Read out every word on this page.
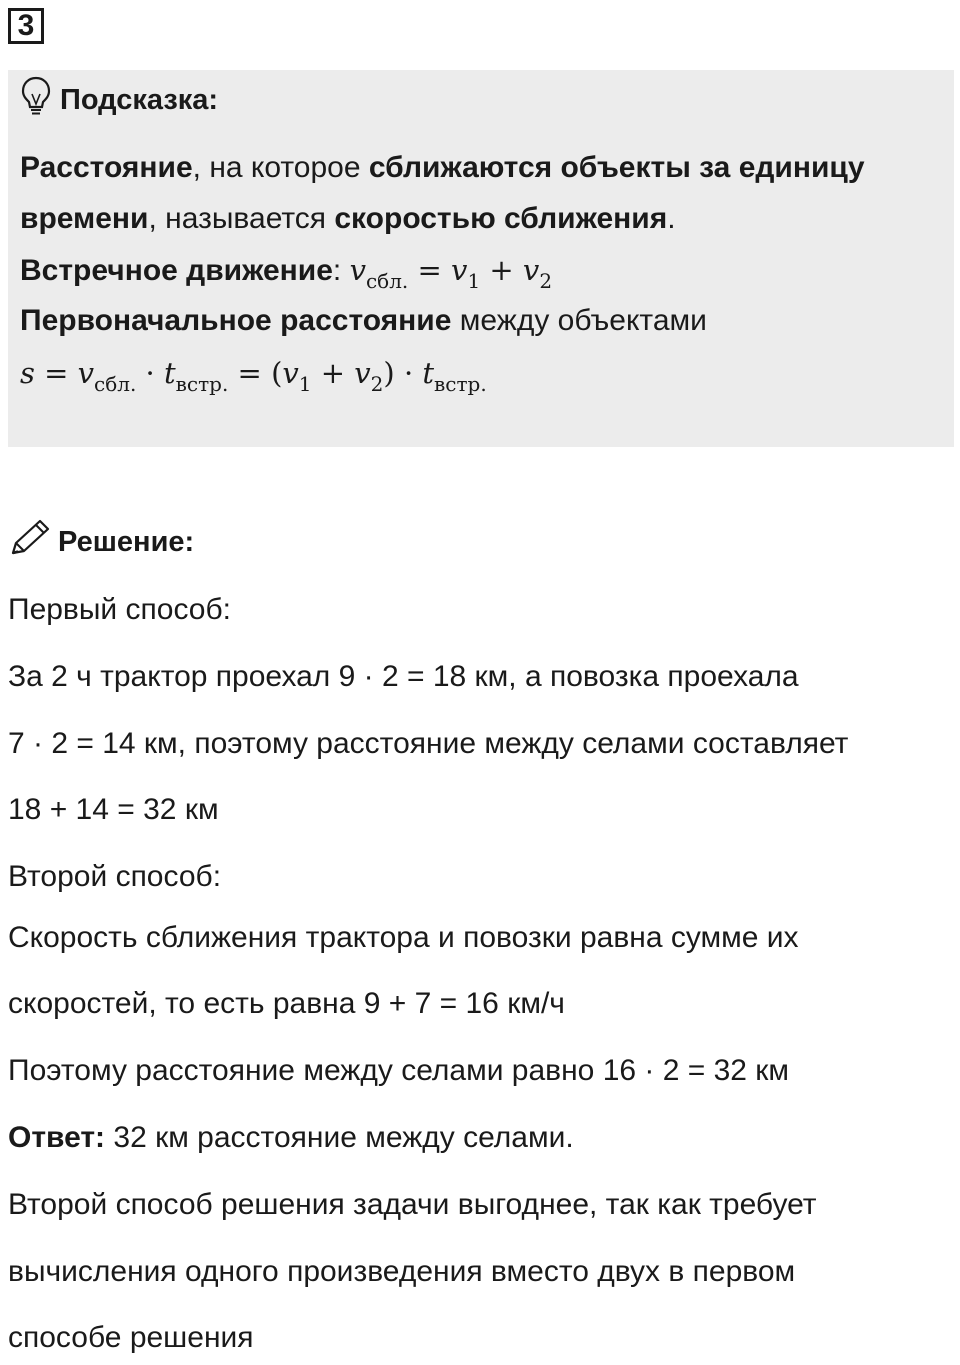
3
Подсказка:
Расстояние, на которое сближаются объекты за единицу
времени, называется скоростью сближения.
Встречное движение: $v_{сбл.} = v_1 + v_2$
Первоначальное расстояние между объектами
$s = v_{сбл.} \cdot t_{встр.} = (v_1 + v_2) \cdot t_{встр.}$
Решение:
Первый способ:
За 2 ч трактор проехал 9 · 2 = 18 км, а повозка проехала
7 · 2 = 14 км, поэтому расстояние между селами составляет
18 + 14 = 32 км
Второй способ:
Скорость сближения трактора и повозки равна сумме их
скоростей, то есть равна 9 + 7 = 16 км/ч
Поэтому расстояние между селами равно 16 · 2 = 32 км
Ответ: 32 км расстояние между селами.
Второй способ решения задачи выгоднее, так как требует
вычисления одного произведения вместо двух в первом
способе решения
